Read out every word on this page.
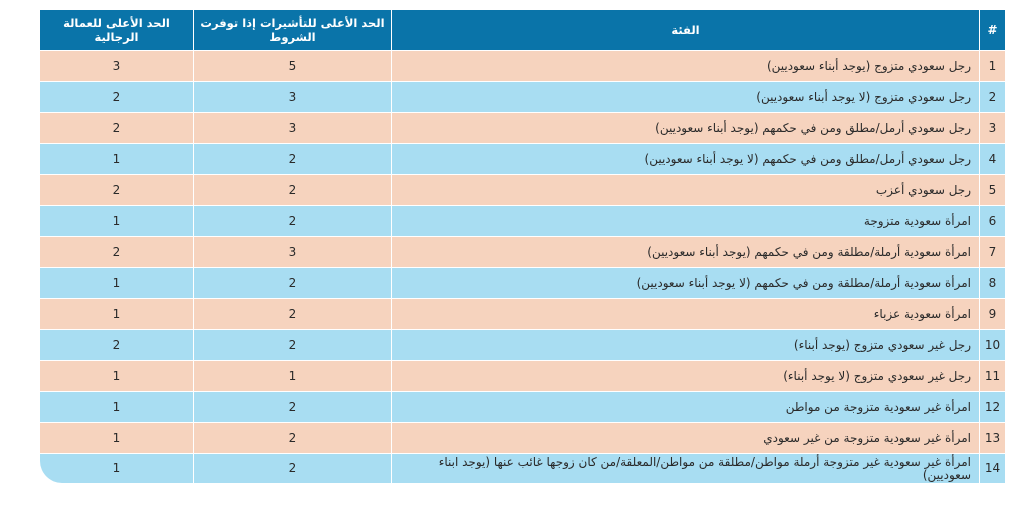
#	الفئة	الحد الأعلى للتأشيرات إذا توفرت الشروط	الحد الأعلى للعمالة الرجالية
1	رجل سعودي متزوج (يوجد أبناء سعوديين)	5	3
2	رجل سعودي متزوج (لا يوجد أبناء سعوديين)	3	2
3	رجل سعودي أرمل/مطلق ومن في حكمهم (يوجد أبناء سعوديين)	3	2
4	رجل سعودي أرمل/مطلق ومن في حكمهم (لا يوجد أبناء سعوديين)	2	1
5	رجل سعودي أعزب	2	2
6	امرأة سعودية متزوجة	2	1
7	امرأة سعودية أرملة/مطلقة ومن في حكمهم (يوجد أبناء سعوديين)	3	2
8	امرأة سعودية أرملة/مطلقة ومن في حكمهم (لا يوجد أبناء سعوديين)	2	1
9	امرأة سعودية عزباء	2	1
10	رجل غير سعودي متزوج (يوجد أبناء)	2	2
11	رجل غير سعودي متزوج (لا يوجد أبناء)	1	1
12	امرأة غير سعودية متزوجة من مواطن	2	1
13	امرأة غير سعودية متزوجة من غير سعودي	2	1
14	امرأة غير سعودية غير متزوجة أرملة مواطن/مطلقة من مواطن/المعلقة/من كان زوجها غائب عنها (يوجد ابناء سعوديين)	2	1
